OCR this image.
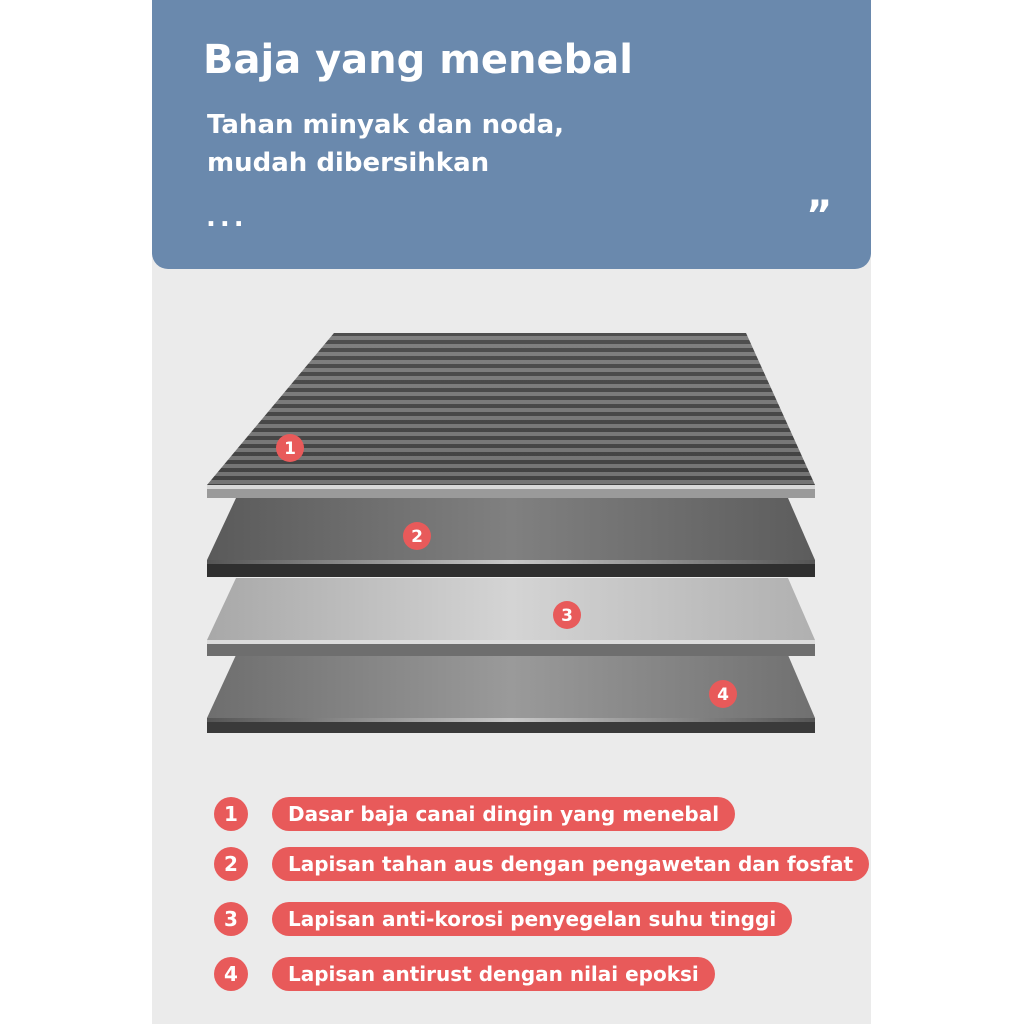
Baja yang menebal
Tahan minyak dan noda,
mudah dibersihkan
...	”
1
2
3
4
1	Dasar baja canai dingin yang menebal
2	Lapisan tahan aus dengan pengawetan dan fosfat
3	Lapisan anti-korosi penyegelan suhu tinggi
4	Lapisan antirust dengan nilai epoksi
